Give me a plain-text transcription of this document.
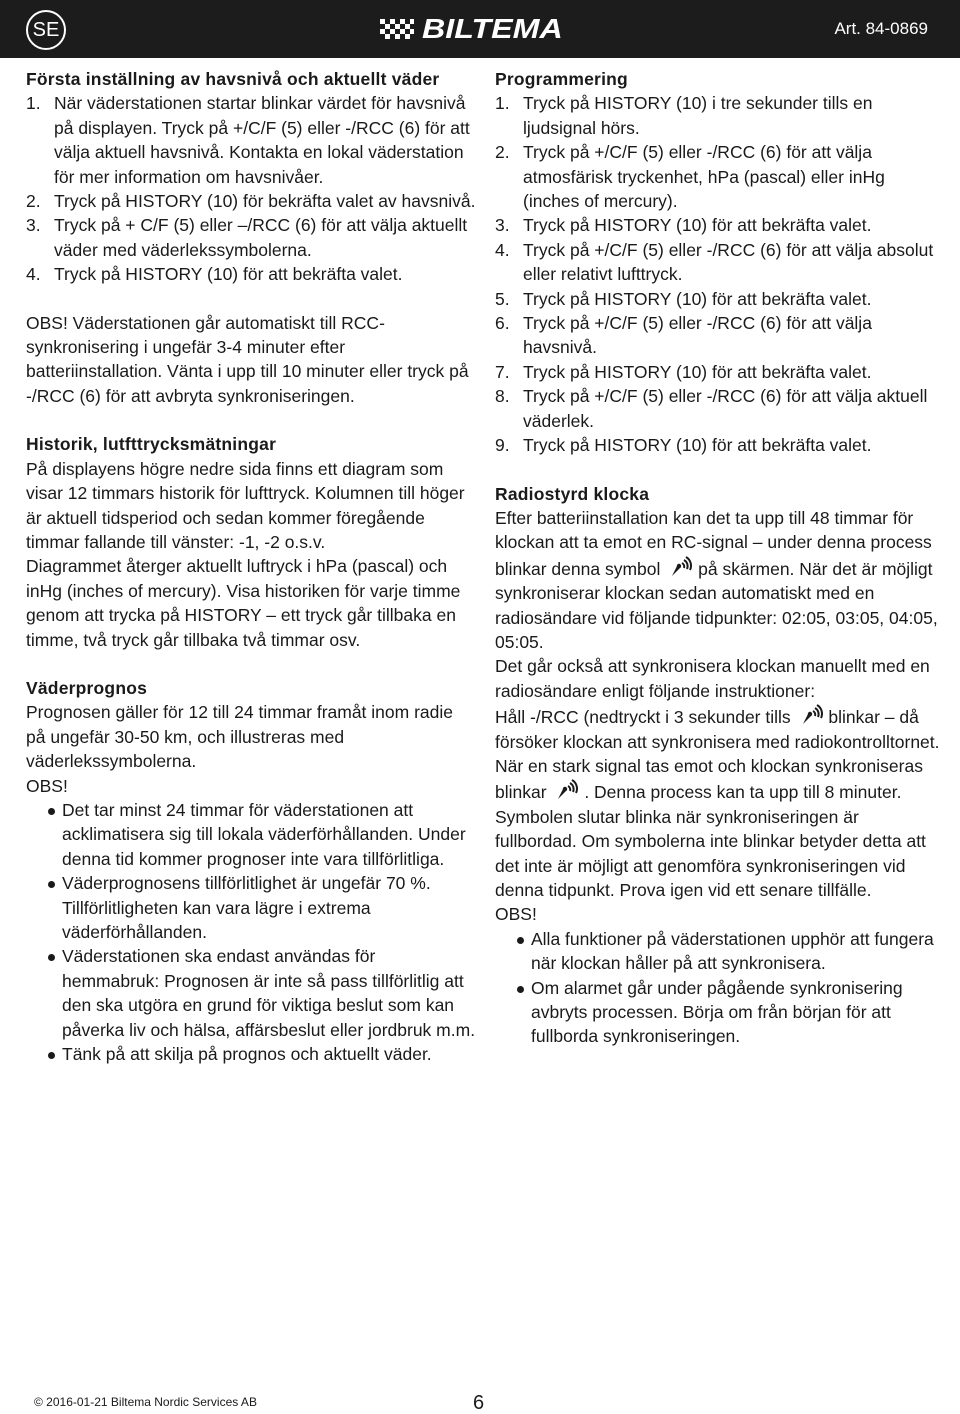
SE	BILTEMA	Art. 84-0869

Första inställning av havsnivå och aktuellt väder

1. När väderstationen startar blinkar värdet för havsnivå på displayen. Tryck på +/C/F (5) eller -/RCC (6) för att välja aktuell havsnivå. Kontakta en lokal väderstation för mer information om havsnivåer.
2. Tryck på HISTORY (10) för bekräfta valet av havsnivå.
3. Tryck på + C/F (5) eller –/RCC (6) för att välja aktuellt väder med väderlekssymbolerna.
4. Tryck på HISTORY (10) för att bekräfta valet.

OBS! Väderstationen går automatiskt till RCC-synkronisering i ungefär 3-4 minuter efter batteriinstallation. Vänta i upp till 10 minuter eller tryck på -/RCC (6) för att avbryta synkroniseringen.

Historik, lutfttrycksmätningar

På displayens högre nedre sida finns ett diagram som visar 12 timmars historik för lufttryck. Kolumnen till höger är aktuell tidsperiod och sedan kommer föregående timmar fallande till vänster: -1, -2 o.s.v.

Diagrammet återger aktuellt luftryck i hPa (pascal) och inHg (inches of mercury). Visa historiken för varje timme genom att trycka på HISTORY – ett tryck går tillbaka en timme, två tryck går tillbaka två timmar osv.

Väderprognos

Prognosen gäller för 12 till 24 timmar framåt inom radie på ungefär 30-50 km, och illustreras med väderlekssymbolerna.

OBS!

Det tar minst 24 timmar för väderstationen att acklimatisera sig till lokala väderförhållanden. Under denna tid kommer prognoser inte vara tillförlitliga.
Väderprognosens tillförlitlighet är ungefär 70 %. Tillförlitligheten kan vara lägre i extrema väderförhållanden.
Väderstationen ska endast användas för hemmabruk: Prognosen är inte så pass tillförlitlig att den ska utgöra en grund för viktiga beslut som kan påverka liv och hälsa, affärsbeslut eller jordbruk m.m.
Tänk på att skilja på prognos och aktuellt väder.

Programmering

1. Tryck på HISTORY (10) i tre sekunder tills en ljudsignal hörs.
2. Tryck på +/C/F (5) eller -/RCC (6) för att välja atmosfärisk tryckenhet, hPa (pascal) eller inHg (inches of mercury).
3. Tryck på HISTORY (10) för att bekräfta valet.
4. Tryck på +/C/F (5) eller -/RCC (6) för att välja absolut eller relativt lufttryck.
5. Tryck på HISTORY (10) för att bekräfta valet.
6. Tryck på +/C/F (5) eller -/RCC (6) för att välja havsnivå.
7. Tryck på HISTORY (10) för att bekräfta valet.
8. Tryck på +/C/F (5) eller -/RCC (6) för att välja aktuell väderlek.
9. Tryck på HISTORY (10) för att bekräfta valet.

Radiostyrd klocka

Efter batteriinstallation kan det ta upp till 48 timmar för klockan att ta emot en RC-signal – under denna process blinkar denna symbol på skärmen. När det är möjligt synkroniserar klockan sedan automatiskt med en radiosändare vid följande tidpunkter: 02:05, 03:05, 04:05, 05:05.

Det går också att synkronisera klockan manuellt med en radiosändare enligt följande instruktioner:

Håll -/RCC (nedtryckt i 3 sekunder tills blinkar – då försöker klockan att synkronisera med radiokontrolltornet. När en stark signal tas emot och klockan synkroniseras blinkar . Denna process kan ta upp till 8 minuter. Symbolen slutar blinka när synkroniseringen är fullbordad. Om symbolerna inte blinkar betyder detta att det inte är möjligt att genomföra synkroniseringen vid denna tidpunkt. Prova igen vid ett senare tillfälle.

OBS!

Alla funktioner på väderstationen upphör att fungera när klockan håller på att synkronisera.
Om alarmet går under pågående synkronisering avbryts processen. Börja om från början för att fullborda synkroniseringen.
© 2016-01-21 Biltema Nordic Services AB	6
